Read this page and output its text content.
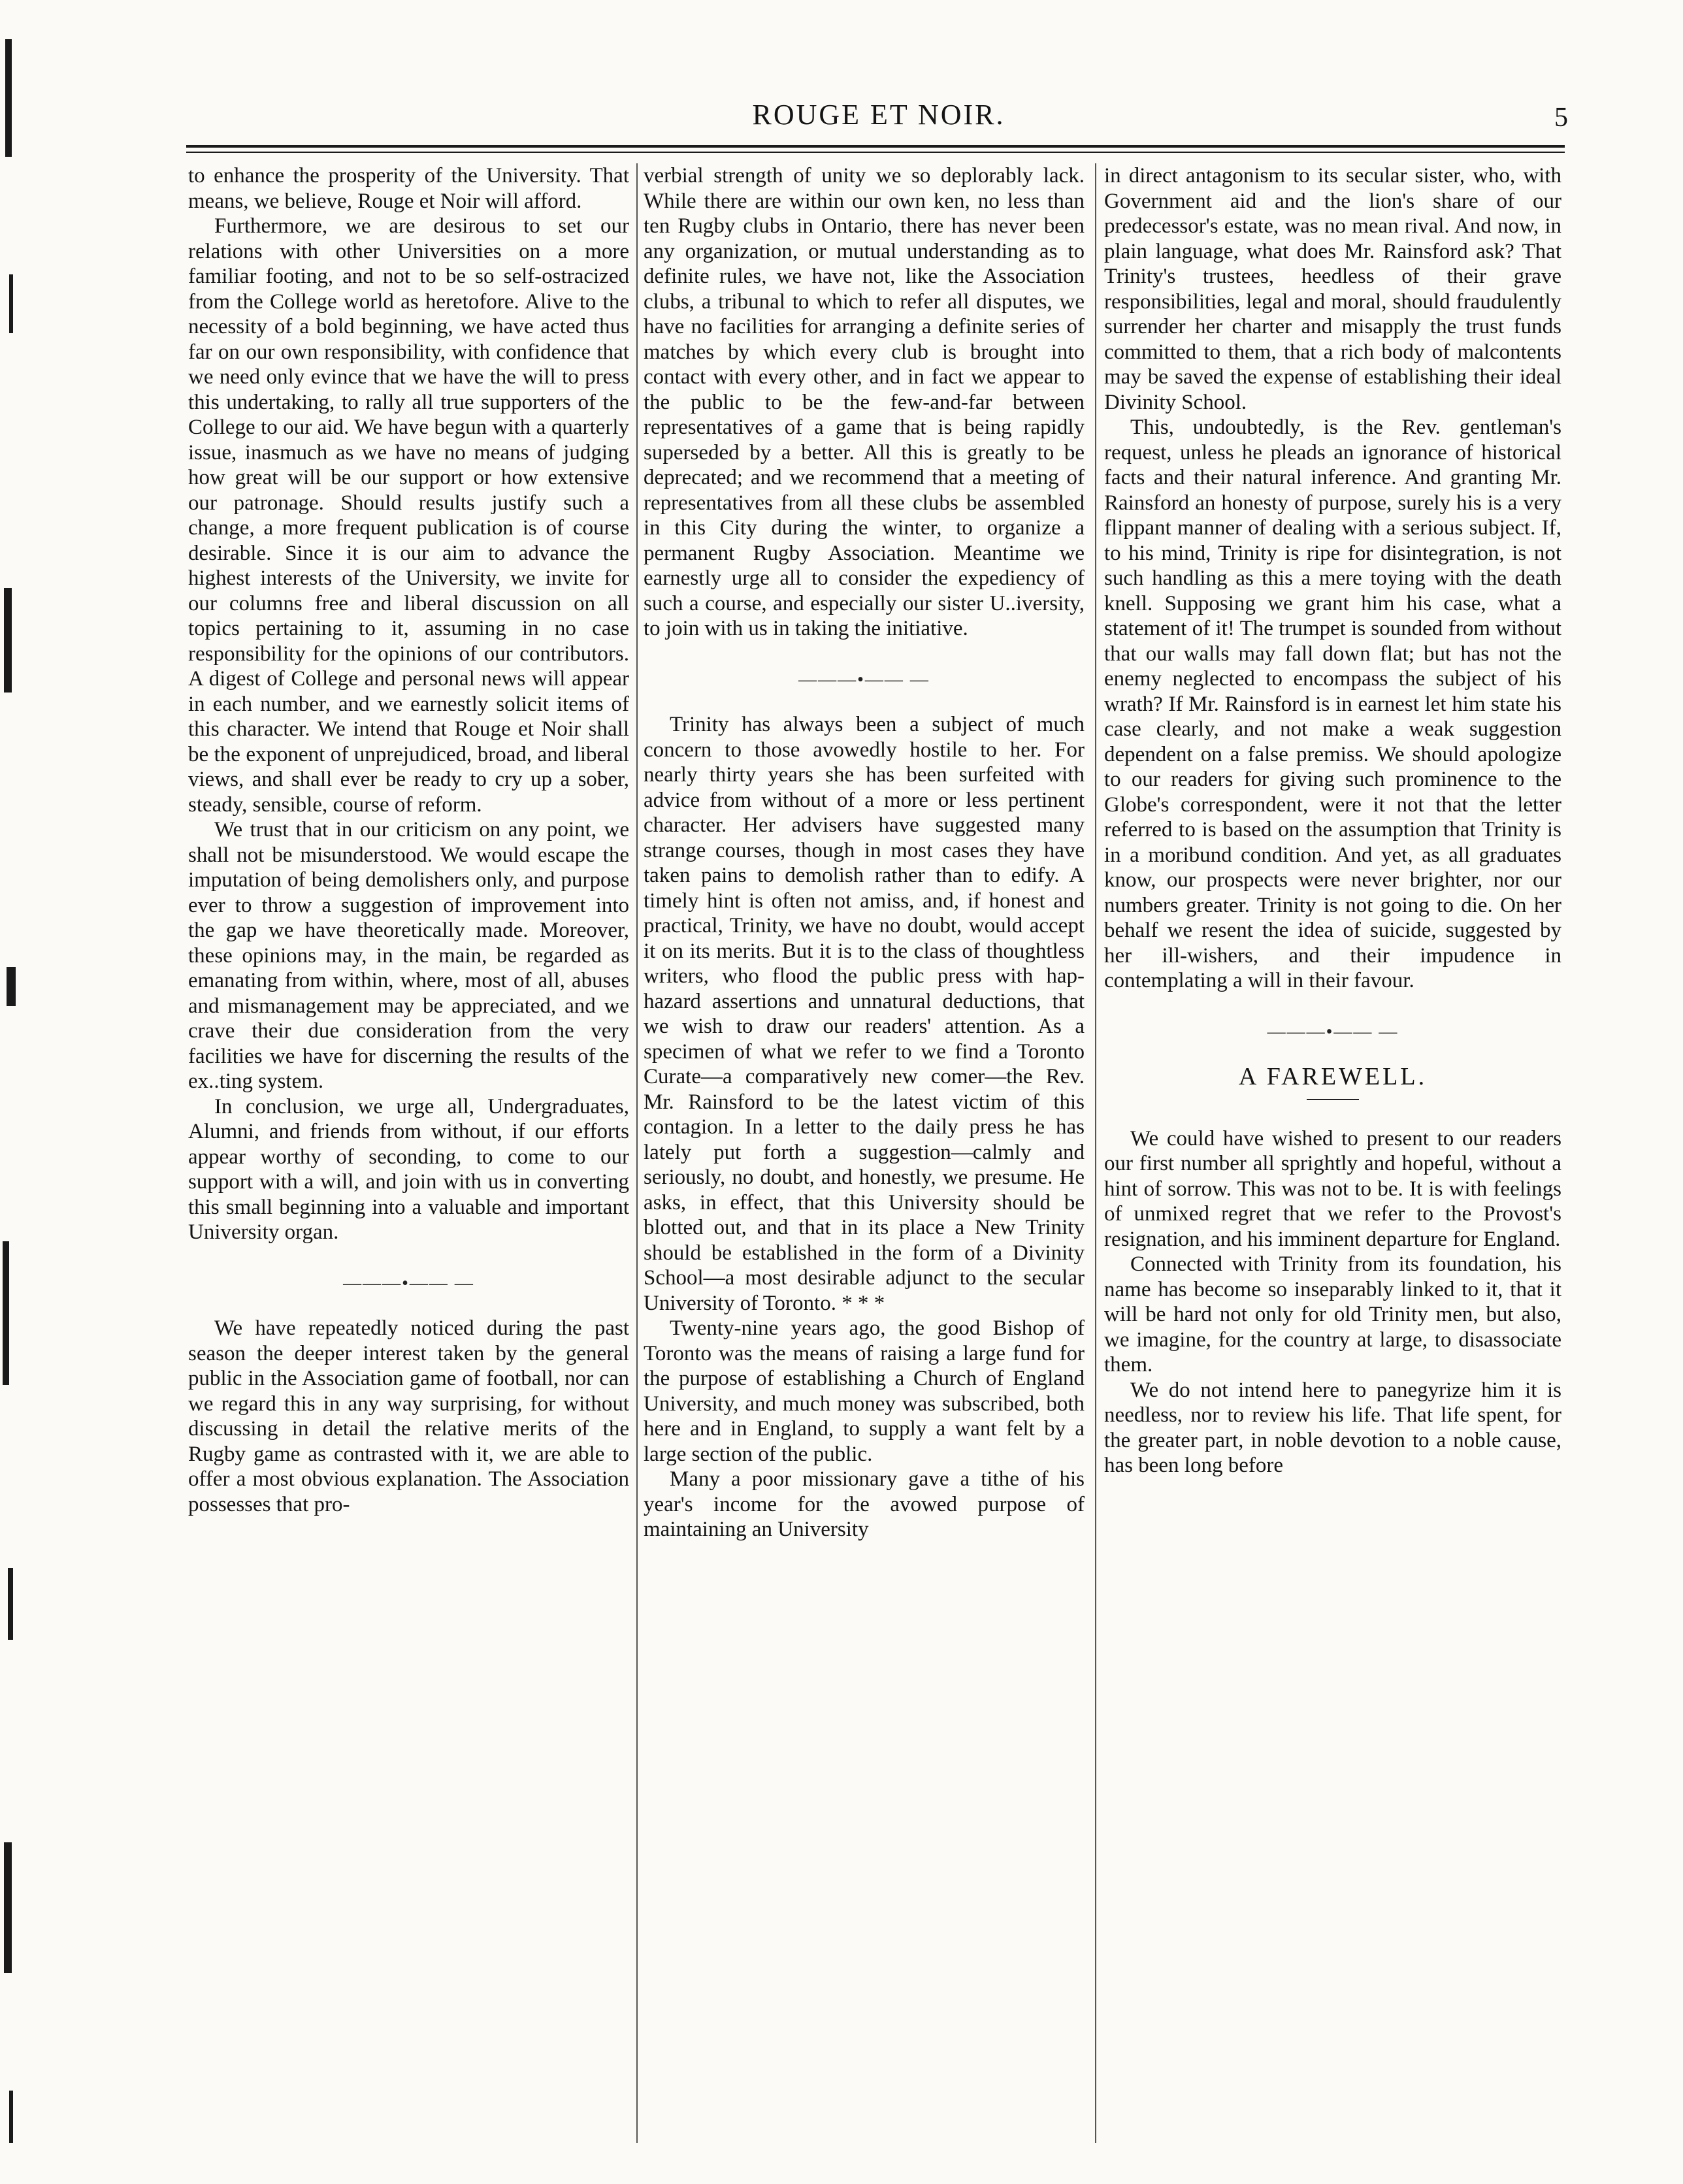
ROUGE ET NOIR.	5

to enhance the prosperity of the University. That means, we believe, Rouge et Noir will afford.

Furthermore, we are desirous to set our relations with other Universities on a more familiar footing, and not to be so self-ostracized from the College world as heretofore. Alive to the necessity of a bold beginning, we have acted thus far on our own responsibility, with confidence that we need only evince that we have the will to press this undertaking, to rally all true supporters of the College to our aid. We have begun with a quarterly issue, inasmuch as we have no means of judging how great will be our support or how extensive our patronage. Should results justify such a change, a more frequent publication is of course desirable. Since it is our aim to advance the highest interests of the University, we invite for our columns free and liberal discussion on all topics pertaining to it, assuming in no case responsibility for the opinions of our contributors. A digest of College and personal news will appear in each number, and we earnestly solicit items of this character. We intend that Rouge et Noir shall be the exponent of unprejudiced, broad, and liberal views, and shall ever be ready to cry up a sober, steady, sensible, course of reform.

We trust that in our criticism on any point, we shall not be misunderstood. We would escape the imputation of being demolishers only, and purpose ever to throw a suggestion of improvement into the gap we have theoretically made. Moreover, these opinions may, in the main, be regarded as emanating from within, where, most of all, abuses and mismanagement may be appreciated, and we crave their due consideration from the very facilities we have for discerning the results of the ex..ting system.

In conclusion, we urge all, Undergraduates, Alumni, and friends from without, if our efforts appear worthy of seconding, to come to our support with a will, and join with us in converting this small beginning into a valuable and important University organ.

———•—— —

We have repeatedly noticed during the past season the deeper interest taken by the general public in the Association game of football, nor can we regard this in any way surprising, for without discussing in detail the relative merits of the Rugby game as contrasted with it, we are able to offer a most obvious explanation. The Association possesses that pro-

verbial strength of unity we so deplorably lack. While there are within our own ken, no less than ten Rugby clubs in Ontario, there has never been any organization, or mutual understanding as to definite rules, we have not, like the Association clubs, a tribunal to which to refer all disputes, we have no facilities for arranging a definite series of matches by which every club is brought into contact with every other, and in fact we appear to the public to be the few-and-far between representatives of a game that is being rapidly superseded by a better. All this is greatly to be deprecated; and we recommend that a meeting of representatives from all these clubs be assembled in this City during the winter, to organize a permanent Rugby Association. Meantime we earnestly urge all to consider the expediency of such a course, and especially our sister U..iversity, to join with us in taking the initiative.

———•—— —

Trinity has always been a subject of much concern to those avowedly hostile to her. For nearly thirty years she has been surfeited with advice from without of a more or less pertinent character. Her advisers have suggested many strange courses, though in most cases they have taken pains to demolish rather than to edify. A timely hint is often not amiss, and, if honest and practical, Trinity, we have no doubt, would accept it on its merits. But it is to the class of thoughtless writers, who flood the public press with hap-hazard assertions and unnatural deductions, that we wish to draw our readers' attention. As a specimen of what we refer to we find a Toronto Curate—a comparatively new comer—the Rev. Mr. Rainsford to be the latest victim of this contagion. In a letter to the daily press he has lately put forth a suggestion—calmly and seriously, no doubt, and honestly, we presume. He asks, in effect, that this University should be blotted out, and that in its place a New Trinity should be established in the form of a Divinity School—a most desirable adjunct to the secular University of Toronto. * * *

Twenty-nine years ago, the good Bishop of Toronto was the means of raising a large fund for the purpose of establishing a Church of England University, and much money was subscribed, both here and in England, to supply a want felt by a large section of the public.

Many a poor missionary gave a tithe of his year's income for the avowed purpose of maintaining an University

in direct antagonism to its secular sister, who, with Government aid and the lion's share of our predecessor's estate, was no mean rival. And now, in plain language, what does Mr. Rainsford ask? That Trinity's trustees, heedless of their grave responsibilities, legal and moral, should fraudulently surrender her charter and misapply the trust funds committed to them, that a rich body of malcontents may be saved the expense of establishing their ideal Divinity School.

This, undoubtedly, is the Rev. gentleman's request, unless he pleads an ignorance of historical facts and their natural inference. And granting Mr. Rainsford an honesty of purpose, surely his is a very flippant manner of dealing with a serious subject. If, to his mind, Trinity is ripe for disintegration, is not such handling as this a mere toying with the death knell. Supposing we grant him his case, what a statement of it! The trumpet is sounded from without that our walls may fall down flat; but has not the enemy neglected to encompass the subject of his wrath? If Mr. Rainsford is in earnest let him state his case clearly, and not make a weak suggestion dependent on a false premiss. We should apologize to our readers for giving such prominence to the Globe's correspondent, were it not that the letter referred to is based on the assumption that Trinity is in a moribund condition. And yet, as all graduates know, our prospects were never brighter, nor our numbers greater. Trinity is not going to die. On her behalf we resent the idea of suicide, suggested by her ill-wishers, and their impudence in contemplating a will in their favour.

———•—— —
A FAREWELL.

We could have wished to present to our readers our first number all sprightly and hopeful, without a hint of sorrow. This was not to be. It is with feelings of unmixed regret that we refer to the Provost's resignation, and his imminent departure for England.

Connected with Trinity from its foundation, his name has become so inseparably linked to it, that it will be hard not only for old Trinity men, but also, we imagine, for the country at large, to disassociate them.

We do not intend here to panegyrize him it is needless, nor to review his life. That life spent, for the greater part, in noble devotion to a noble cause, has been long before
